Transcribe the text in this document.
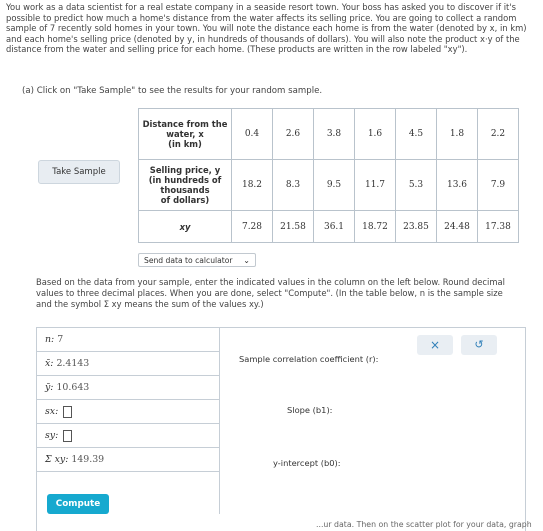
You work as a data scientist for a real estate company in a seaside resort town. Your boss has asked you to discover if it's
possible to predict how much a home's distance from the water affects its selling price. You are going to collect a random
sample of 7 recently sold homes in your town. You will note the distance each home is from the water (denoted by x, in km)
and each home's selling price (denoted by y, in hundreds of thousands of dollars). You will also note the product x·y of the
distance from the water and selling price for each home. (These products are written in the row labeled "xy").

(a) Click on "Take Sample" to see the results for your random sample.

Take Sample
Distance from the
water, x
(in km)	0.4	2.6	3.8	1.6	4.5	1.8	2.2
Selling price, y
(in hundreds of
thousands
of dollars)	18.2	8.3	9.5	11.7	5.3	13.6	7.9
xy	7.28	21.58	36.1	18.72	23.85	24.48	17.38
Send data to calculator ⌄

Based on the data from your sample, enter the indicated values in the column on the left below. Round decimal
values to three decimal places. When you are done, select "Compute". (In the table below, n is the sample size
and the symbol Σ xy means the sum of the values xy.)

n: 7
x̄: 2.4143
ȳ: 10.643
sx:
sy:
Σ xy: 149.39
Compute
Sample correlation coefficient (r):
Slope (b1):
y-intercept (b0):
×	↺
...ur data. Then on the scatter plot for your data, graph
